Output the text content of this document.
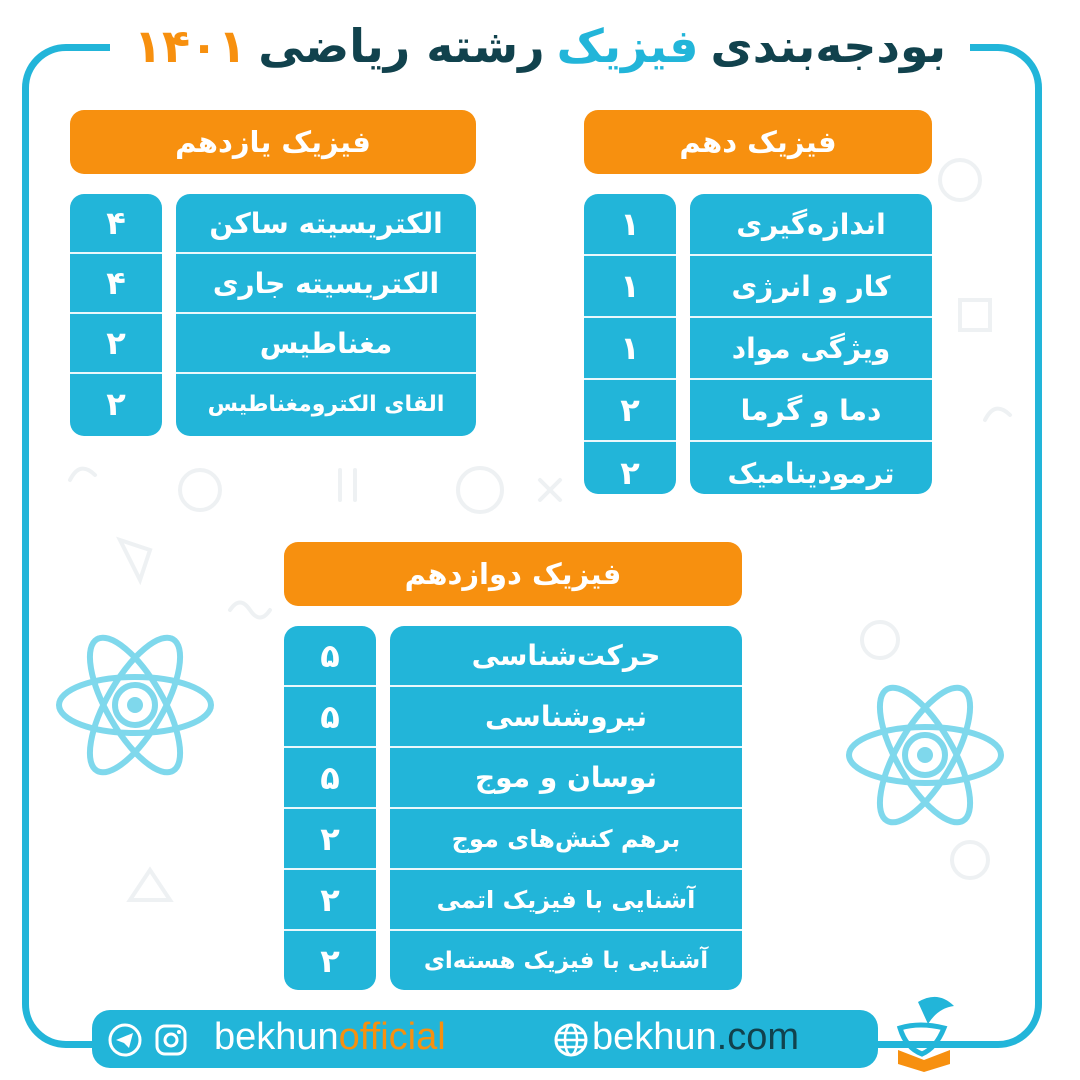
بودجه‌بندی
فیزیک
رشته ریاضی
۱۴۰۱
فیزیک دهم
اندازه‌گیری
کار و انرژی
ویژگی مواد
دما و گرما
ترمودینامیک
۱
۱
۱
۲
۲
فیزیک یازدهم
الکتریسیته ساکن
الکتریسیته جاری
مغناطیس
القای الکترومغناطیس
۴
۴
۲
۲
فیزیک دوازدهم
حرکت‌شناسی
نیروشناسی
نوسان و موج
برهم کنش‌های موج
آشنایی با فیزیک اتمی
آشنایی با فیزیک هسته‌ای
۵
۵
۵
۲
۲
۲
bekhunofficial	bekhun.com
